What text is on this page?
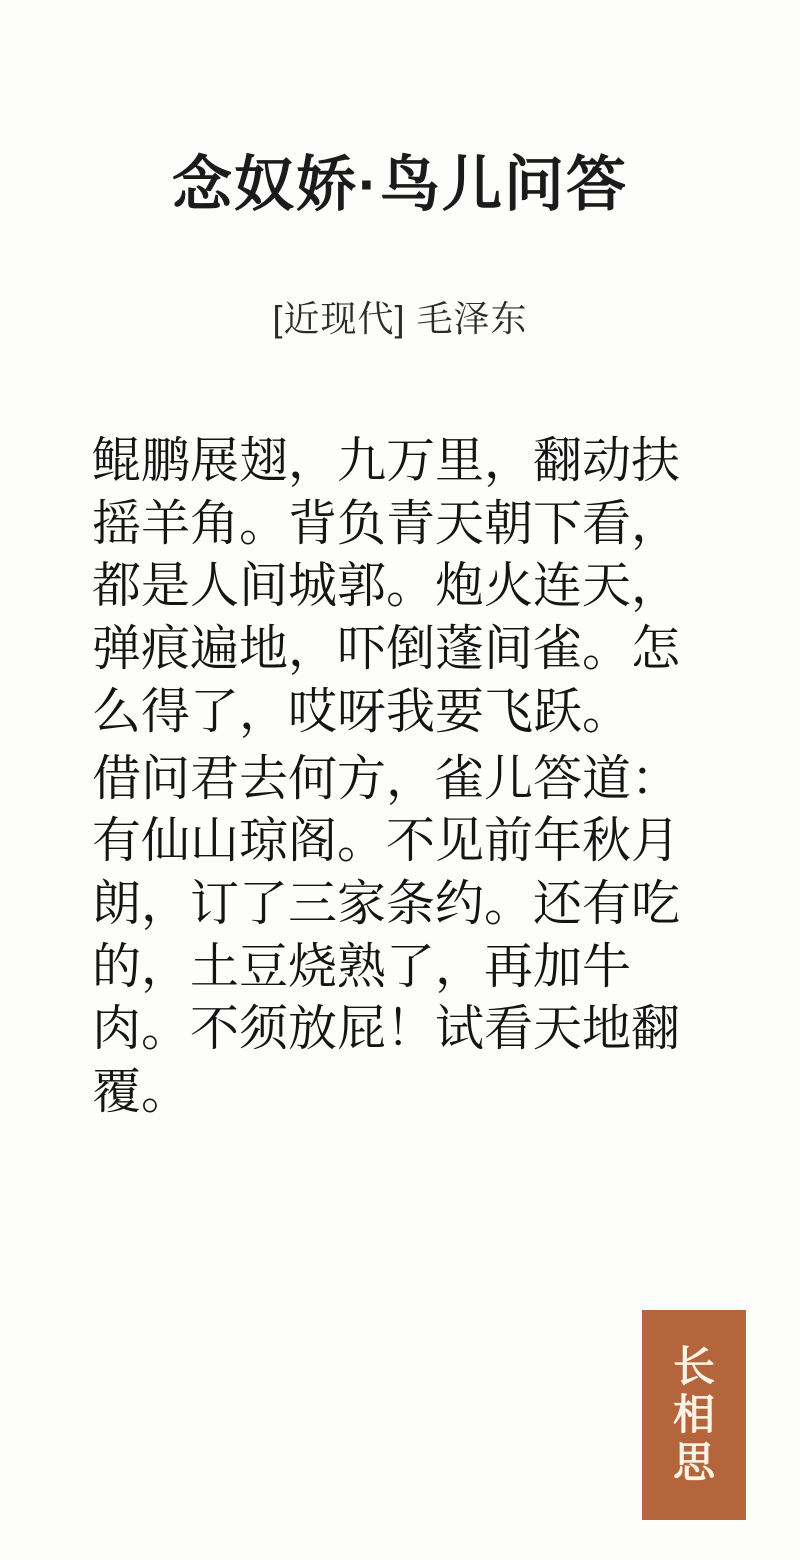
念奴娇·鸟儿问答
[近现代] 毛泽东

鲲鹏展翅，九万里，翻动扶摇羊角。背负青天朝下看，都是人间城郭。炮火连天，弹痕遍地，吓倒蓬间雀。怎么得了，哎呀我要飞跃。

借问君去何方，雀儿答道：有仙山琼阁。不见前年秋月朗，订了三家条约。还有吃的，土豆烧熟了，再加牛肉。不须放屁！试看天地翻覆。

长
相
思
